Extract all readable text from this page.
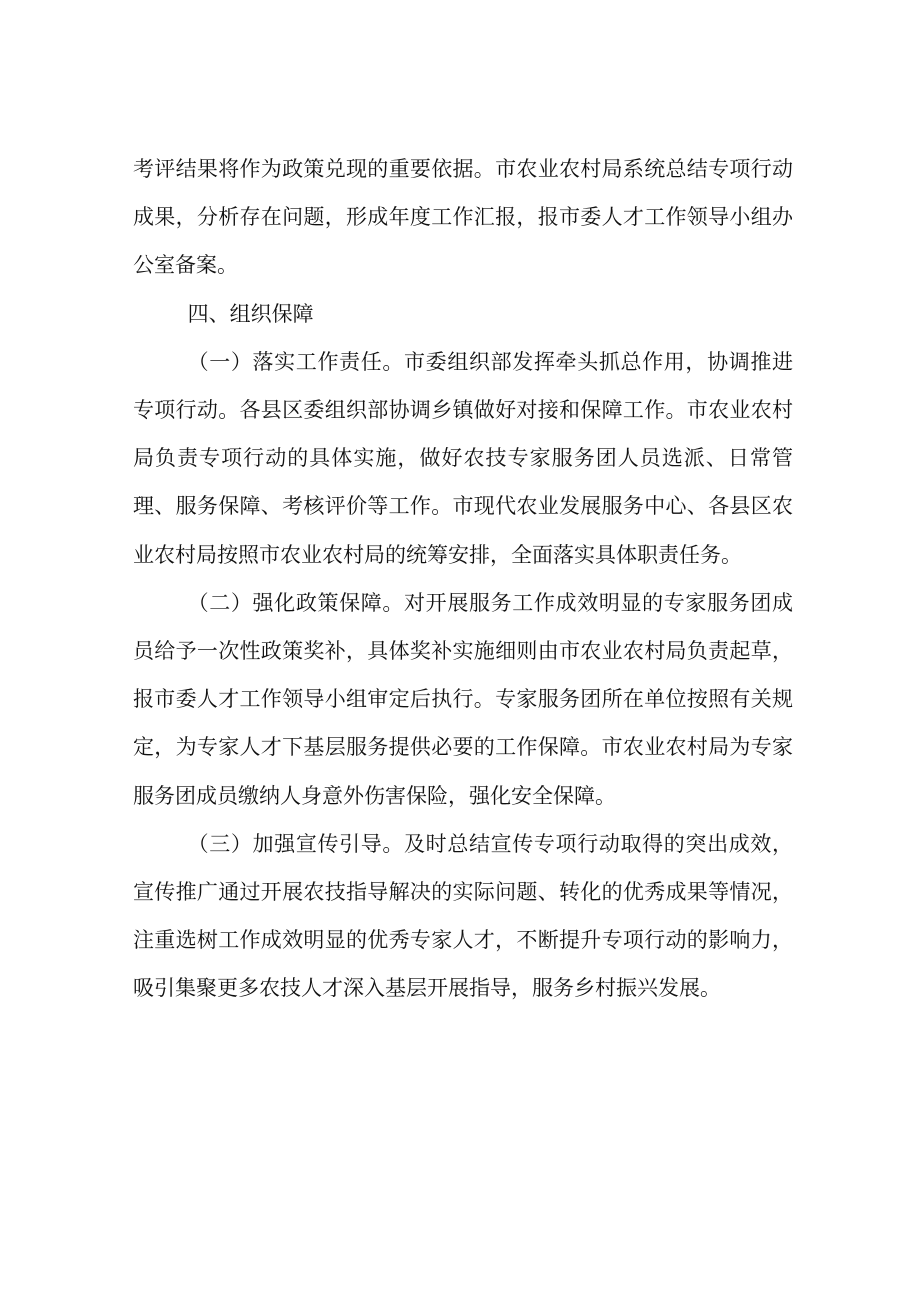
考评结果将作为政策兑现的重要依据。市农业农村局系统总结专项行动成果，分析存在问题，形成年度工作汇报，报市委人才工作领导小组办公室备案。

四、组织保障

（一）落实工作责任。市委组织部发挥牵头抓总作用，协调推进专项行动。各县区委组织部协调乡镇做好对接和保障工作。市农业农村局负责专项行动的具体实施，做好农技专家服务团人员选派、日常管理、服务保障、考核评价等工作。市现代农业发展服务中心、各县区农业农村局按照市农业农村局的统筹安排，全面落实具体职责任务。

（二）强化政策保障。对开展服务工作成效明显的专家服务团成员给予一次性政策奖补，具体奖补实施细则由市农业农村局负责起草，报市委人才工作领导小组审定后执行。专家服务团所在单位按照有关规定，为专家人才下基层服务提供必要的工作保障。市农业农村局为专家服务团成员缴纳人身意外伤害保险，强化安全保障。

（三）加强宣传引导。及时总结宣传专项行动取得的突出成效，宣传推广通过开展农技指导解决的实际问题、转化的优秀成果等情况，注重选树工作成效明显的优秀专家人才，不断提升专项行动的影响力，吸引集聚更多农技人才深入基层开展指导，服务乡村振兴发展。
